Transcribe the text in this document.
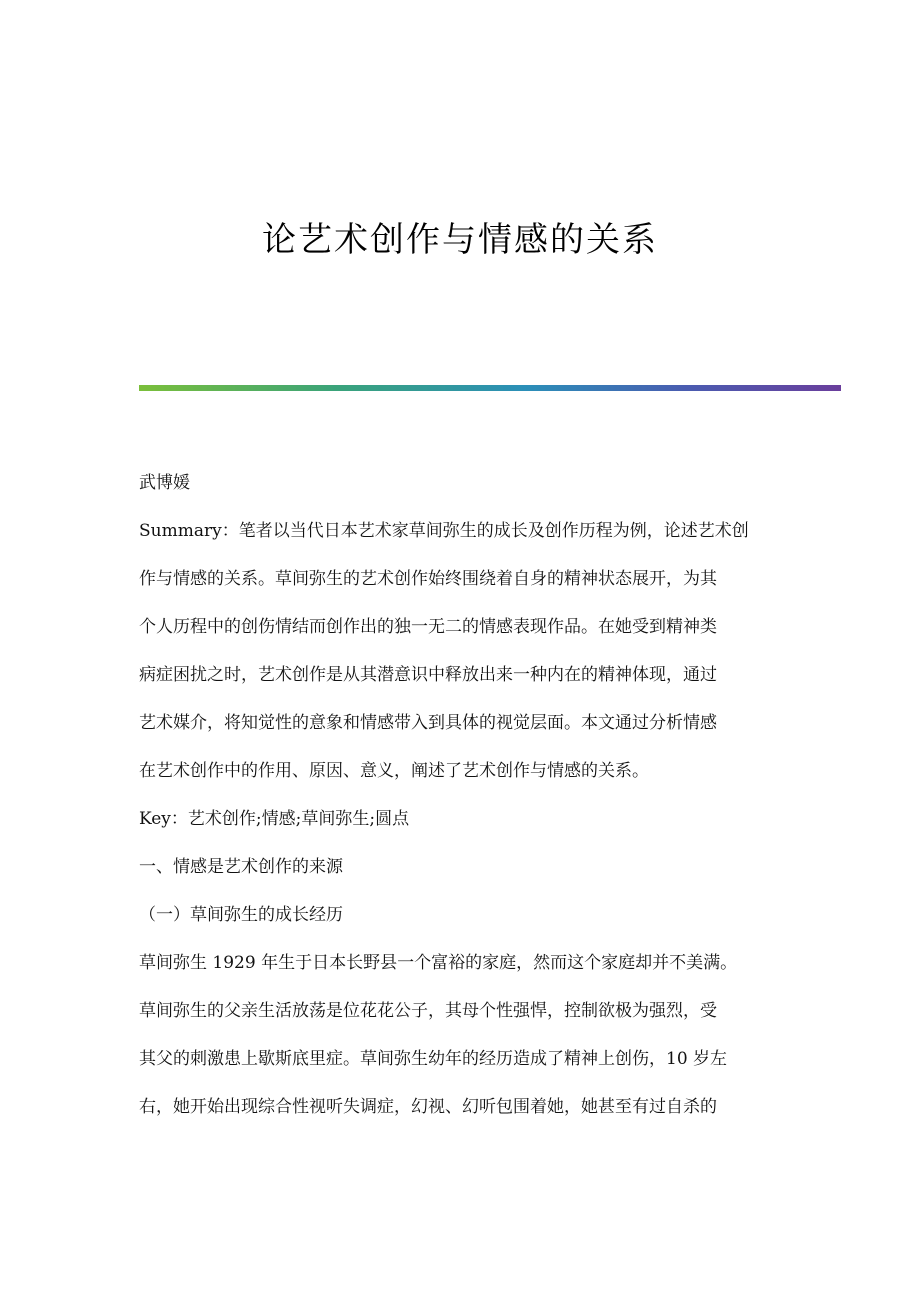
论艺术创作与情感的关系
武博媛
Summary：笔者以当代日本艺术家草间弥生的成长及创作历程为例，论述艺术创
作与情感的关系。草间弥生的艺术创作始终围绕着自身的精神状态展开，为其
个人历程中的创伤情结而创作出的独一无二的情感表现作品。在她受到精神类
病症困扰之时，艺术创作是从其潜意识中释放出来一种内在的精神体现，通过
艺术媒介，将知觉性的意象和情感带入到具体的视觉层面。本文通过分析情感
在艺术创作中的作用、原因、意义，阐述了艺术创作与情感的关系。
Key：艺术创作;情感;草间弥生;圆点
一、情感是艺术创作的来源
（一）草间弥生的成长经历
草间弥生 1929 年生于日本长野县一个富裕的家庭，然而这个家庭却并不美满。
草间弥生的父亲生活放荡是位花花公子，其母个性强悍，控制欲极为强烈，受
其父的刺激患上歇斯底里症。草间弥生幼年的经历造成了精神上创伤，10 岁左
右，她开始出现综合性视听失调症，幻视、幻听包围着她，她甚至有过自杀的
